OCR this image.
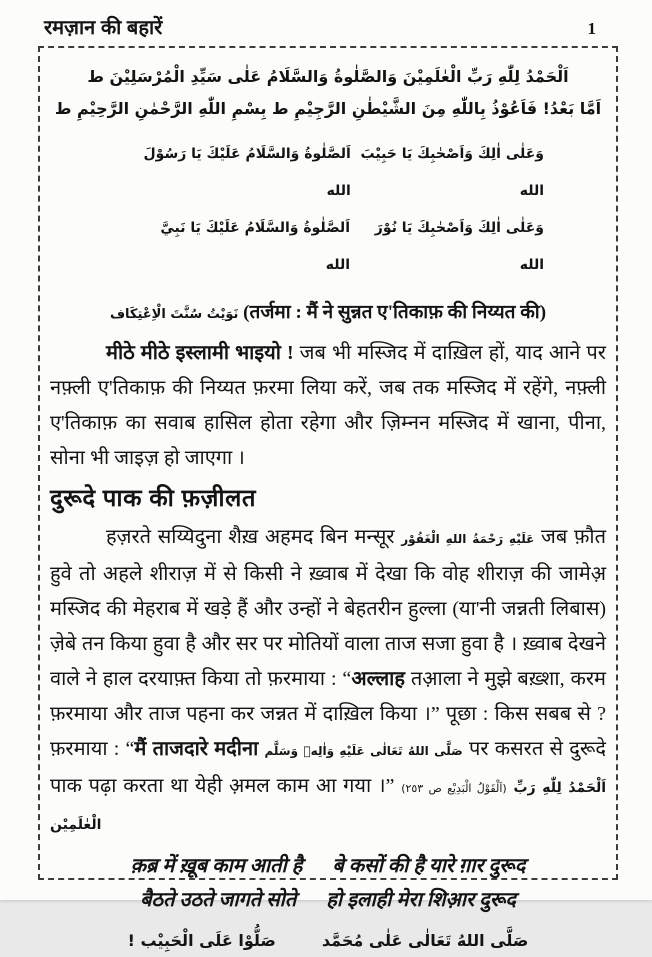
रमज़ान की बहारें	1
اَلْحَمْدُ لِلّٰهِ رَبِّ الْعٰلَمِيْنَ وَالصَّلٰوةُ وَالسَّلَامُ عَلٰى سَيِّدِ الْمُرْسَلِيْنَ ط
اَمَّا بَعْدُ! فَاَعُوْذُ بِاللّٰهِ مِنَ الشَّيْطٰنِ الرَّجِيْمِ ط بِسْمِ اللّٰهِ الرَّحْمٰنِ الرَّحِيْمِ ط
اَلصَّلٰوةُ وَالسَّلَامُ عَلَيْكَ يَا رَسُوْلَ الله
وَعَلٰى اٰلِكَ وَاَصْحٰبِكَ يَا حَبِيْبَ الله
اَلصَّلٰوةُ وَالسَّلَامُ عَلَيْكَ يَا نَبِيَّ الله
وَعَلٰى اٰلِكَ وَاَصْحٰبِكَ يَا نُوْرَ الله
نَوَيْتُ سُنَّتَ الْاِعْتِكَاف (तर्जमा : मैं ने सुन्नत ए'तिकाफ़ की निय्यत की)

मीठे मीठे इस्लामी भाइयो ! जब भी मस्जिद में दाख़िल हों, याद आने पर नफ़्ली ए'तिकाफ़ की निय्यत फ़रमा लिया करें, जब तक मस्जिद में रहेंगे, नफ़्ली ए'तिकाफ़ का सवाब हासिल होता रहेगा और ज़िम्नन मस्जिद में खाना, पीना, सोना भी जाइज़ हो जाएगा ।

दुरूदे पाक की फ़ज़ीलत

हज़रते सय्यिदुना शैख़ अहमद बिन मन्सूर عَلَيْهِ رَحْمَةُ اللهِ الْغَفُوْر जब फ़ौत हुवे तो अहले शीराज़ में से किसी ने ख़्वाब में देखा कि वोह शीराज़ की जामेअ़ मस्जिद की मेहराब में खड़े हैं और उन्हों ने बेहतरीन हुल्ला (या'नी जन्नती लिबास) ज़ेबे तन किया हुवा है और सर पर मोतियों वाला ताज सजा हुवा है । ख़्वाब देखने वाले ने हाल दरयाफ़्त किया तो फ़रमाया : “अल्लाह तआ़ला ने मुझे बख़्शा, करम फ़रमाया और ताज पहना कर जन्नत में दाख़िल किया ।” पूछा : किस सबब से ? फ़रमाया : “मैं ताजदारे मदीना صَلَّى اللهُ تَعَالٰى عَلَيْهِ وَاٰلِهٖ وَسَلَّم पर कसरत से दुरूदे पाक पढ़ा करता था येही अ़मल काम आ गया ।” (اَلْقَوْلُ الْبَدِيْع ص ٢٥٣) اَلْحَمْدُ لِلّٰهِ رَبِّ الْعٰلَمِيْن

क़ब्र में ख़ूब काम आती है बे कसों की है यारे ग़ार दुरूद
बैठते उठते जागते सोते हो इलाही मेरा शिआ़र दुरूद
صَلُّوْا عَلَى الْحَبِيْب !	صَلَّى اللهُ تَعَالٰى عَلٰى مُحَمَّد
